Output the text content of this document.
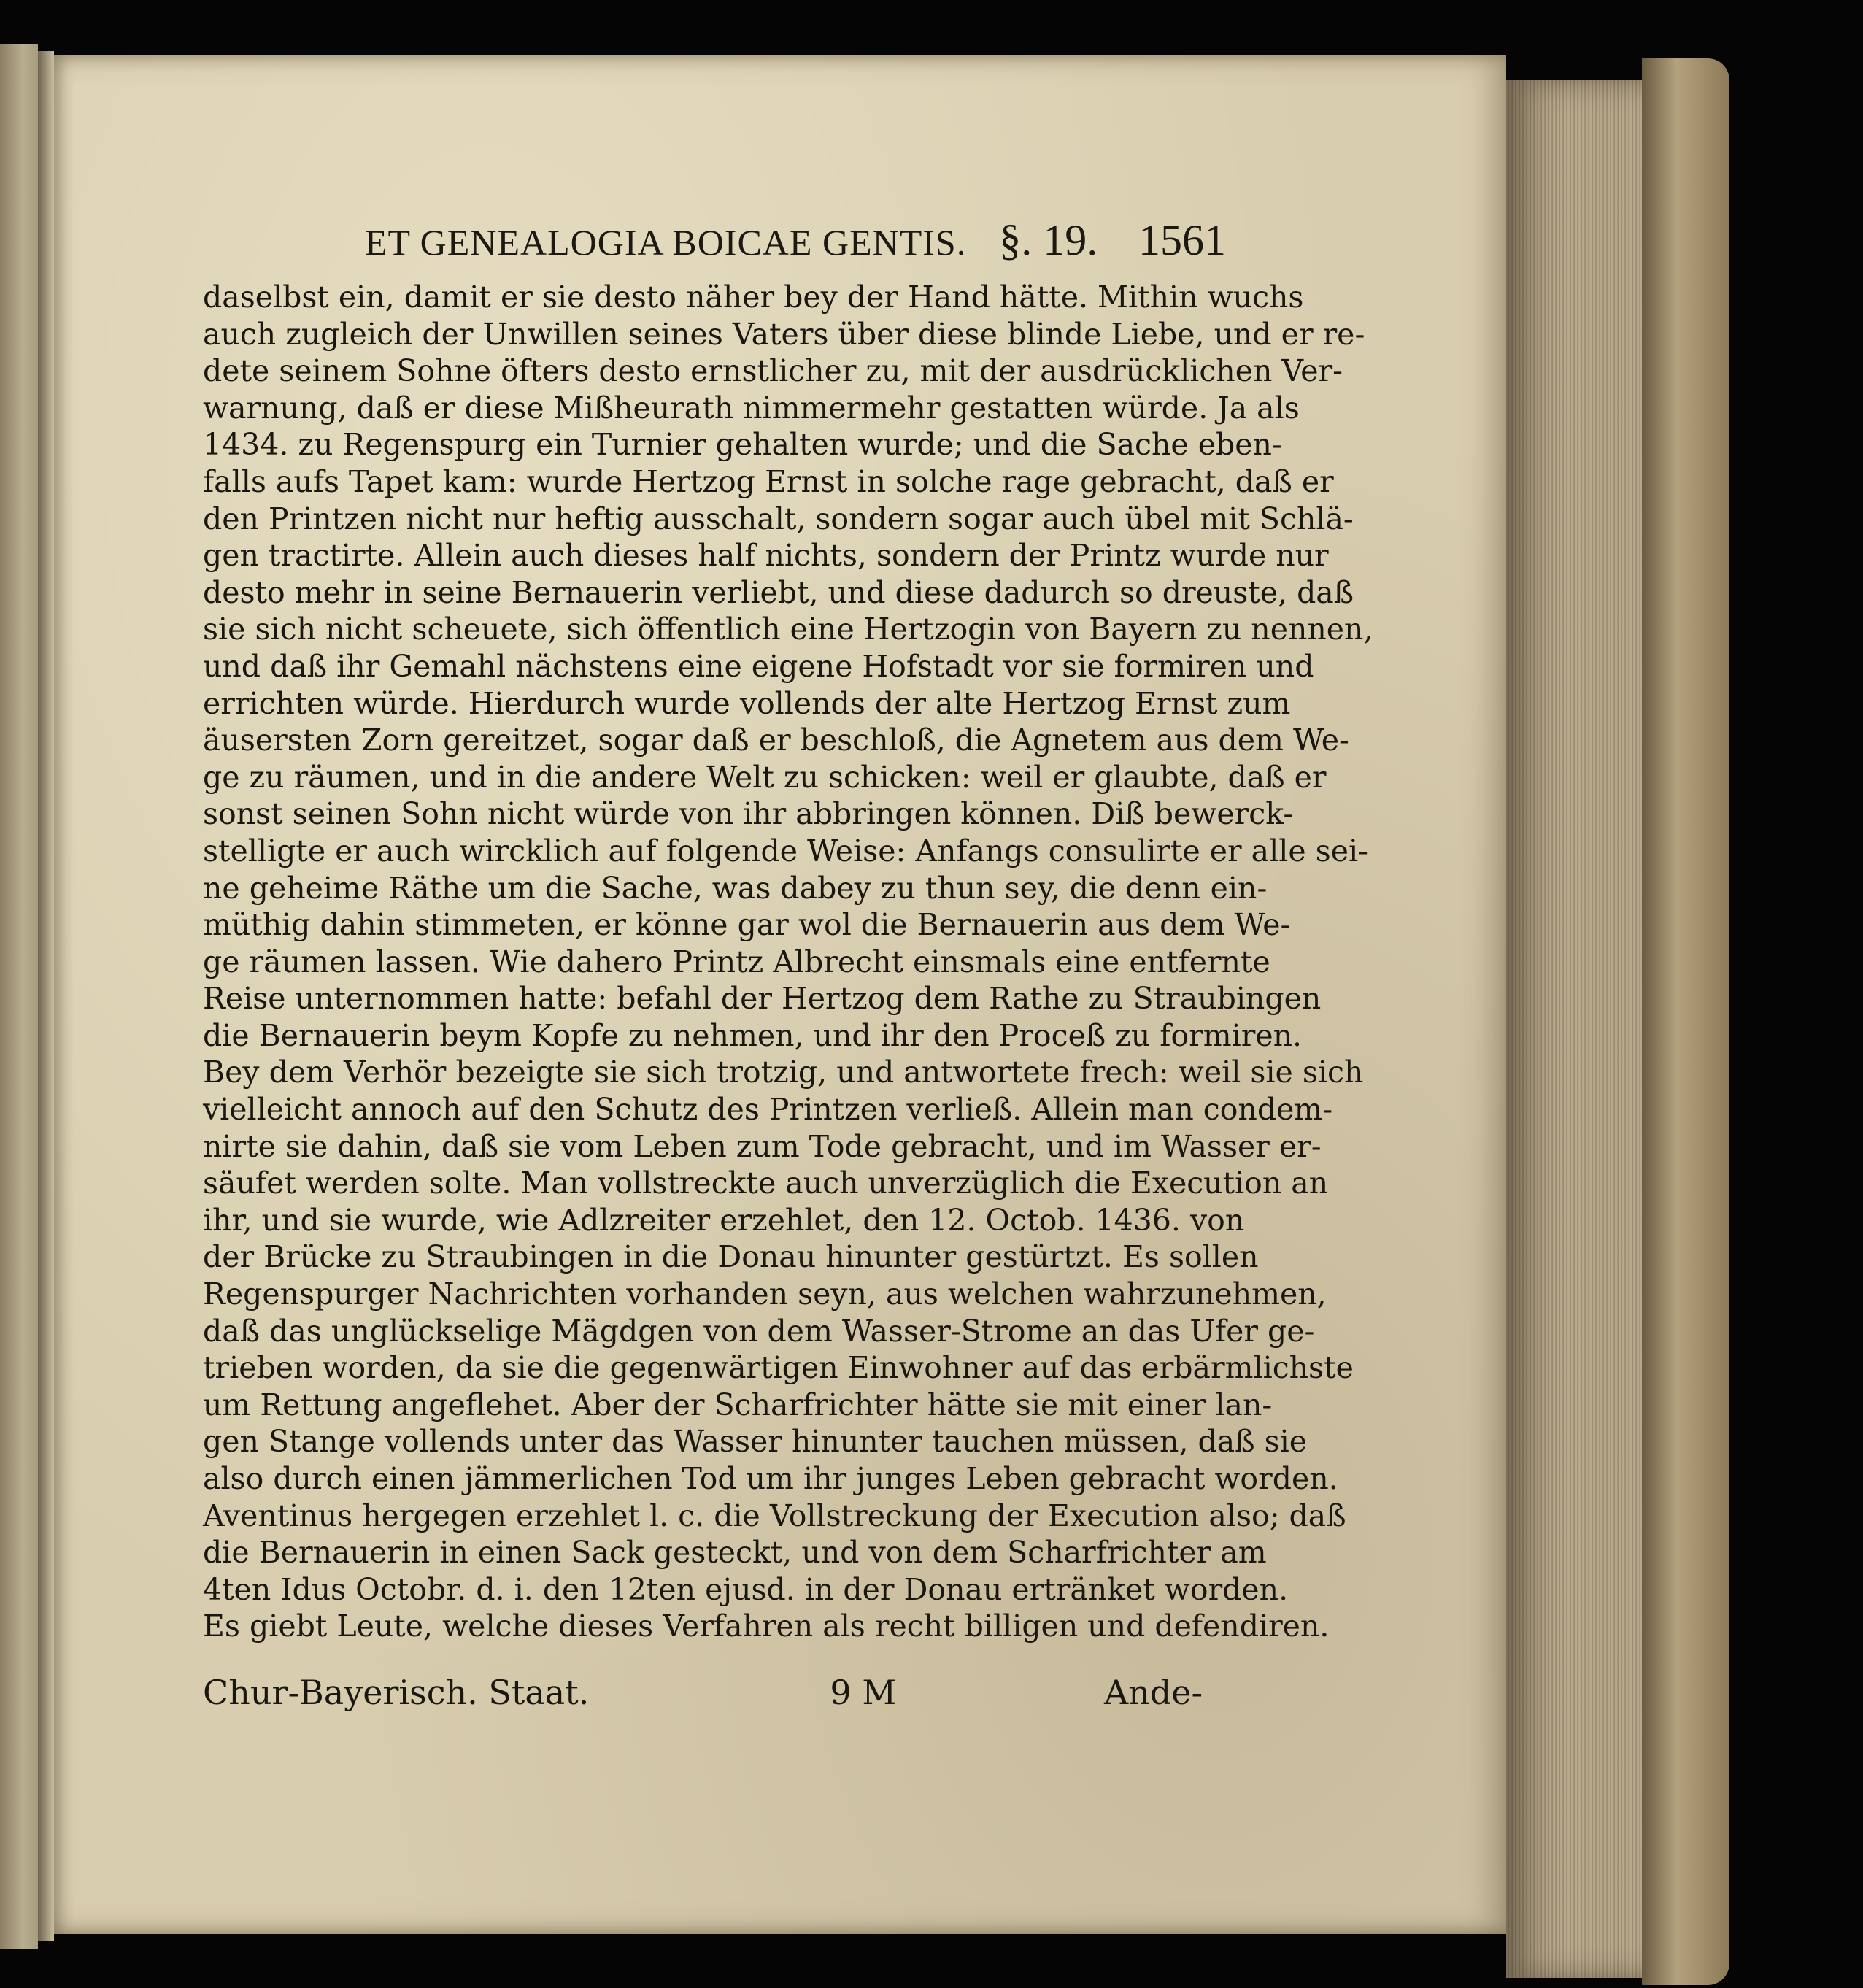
ET GENEALOGIA BOICAE GENTIS. §. 19. 1561
daselbst ein, damit er sie desto näher bey der Hand hätte. Mithin wuchs
auch zugleich der Unwillen seines Vaters über diese blinde Liebe, und er re-
dete seinem Sohne öfters desto ernstlicher zu, mit der ausdrücklichen Ver-
warnung, daß er diese Mißheurath nimmermehr gestatten würde. Ja als
1434. zu Regenspurg ein Turnier gehalten wurde; und die Sache eben-
falls aufs Tapet kam: wurde Hertzog Ernst in solche rage gebracht, daß er
den Printzen nicht nur heftig ausschalt, sondern sogar auch übel mit Schlä-
gen tractirte. Allein auch dieses half nichts, sondern der Printz wurde nur
desto mehr in seine Bernauerin verliebt, und diese dadurch so dreuste, daß
sie sich nicht scheuete, sich öffentlich eine Hertzogin von Bayern zu nennen,
und daß ihr Gemahl nächstens eine eigene Hofstadt vor sie formiren und
errichten würde. Hierdurch wurde vollends der alte Hertzog Ernst zum
äusersten Zorn gereitzet, sogar daß er beschloß, die Agnetem aus dem We-
ge zu räumen, und in die andere Welt zu schicken: weil er glaubte, daß er
sonst seinen Sohn nicht würde von ihr abbringen können. Diß bewerck-
stelligte er auch wircklich auf folgende Weise: Anfangs consulirte er alle sei-
ne geheime Räthe um die Sache, was dabey zu thun sey, die denn ein-
müthig dahin stimmeten, er könne gar wol die Bernauerin aus dem We-
ge räumen lassen. Wie dahero Printz Albrecht einsmals eine entfernte
Reise unternommen hatte: befahl der Hertzog dem Rathe zu Straubingen
die Bernauerin beym Kopfe zu nehmen, und ihr den Proceß zu formiren.
Bey dem Verhör bezeigte sie sich trotzig, und antwortete frech: weil sie sich
vielleicht annoch auf den Schutz des Printzen verließ. Allein man condem-
nirte sie dahin, daß sie vom Leben zum Tode gebracht, und im Wasser er-
säufet werden solte. Man vollstreckte auch unverzüglich die Execution an
ihr, und sie wurde, wie Adlzreiter erzehlet, den 12. Octob. 1436. von
der Brücke zu Straubingen in die Donau hinunter gestürtzt. Es sollen
Regenspurger Nachrichten vorhanden seyn, aus welchen wahrzunehmen,
daß das unglückselige Mägdgen von dem Wasser-Strome an das Ufer ge-
trieben worden, da sie die gegenwärtigen Einwohner auf das erbärmlichste
um Rettung angeflehet. Aber der Scharfrichter hätte sie mit einer lan-
gen Stange vollends unter das Wasser hinunter tauchen müssen, daß sie
also durch einen jämmerlichen Tod um ihr junges Leben gebracht worden.
Aventinus hergegen erzehlet l. c. die Vollstreckung der Execution also; daß
die Bernauerin in einen Sack gesteckt, und von dem Scharfrichter am
4ten Idus Octobr. d. i. den 12ten ejusd. in der Donau ertränket worden.
Es giebt Leute, welche dieses Verfahren als recht billigen und defendiren.
Chur-Bayerisch. Staat.	9 M	Ande-
